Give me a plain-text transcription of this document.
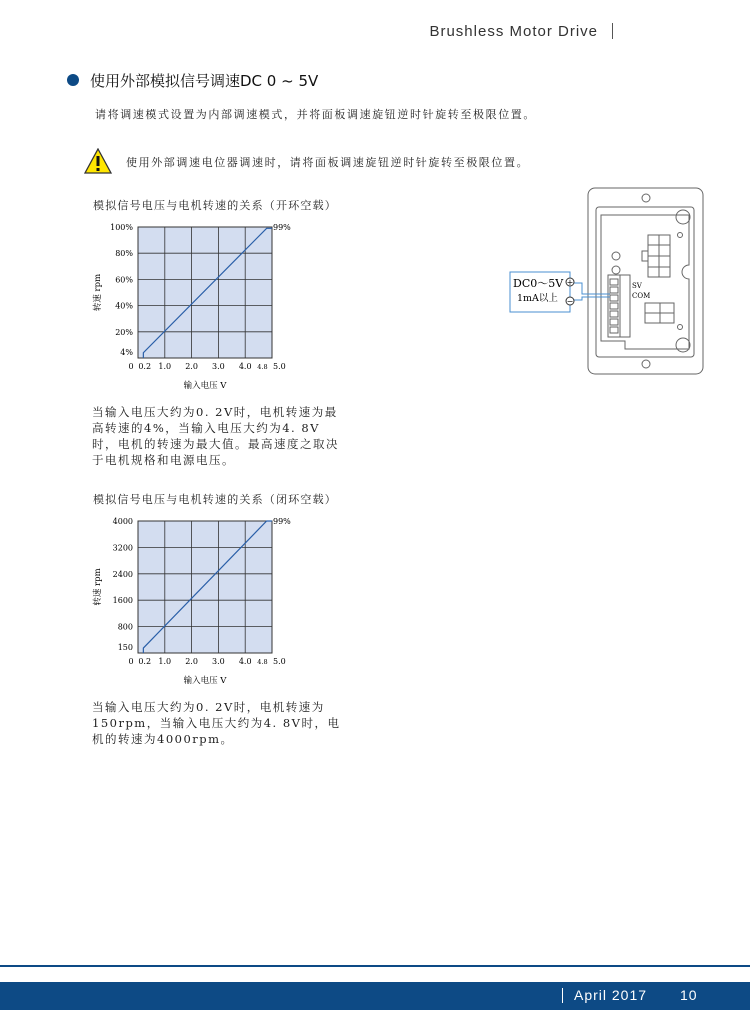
Brushless Motor Drive
使用外部模拟信号调速DC 0 ~ 5V
请将调速模式设置为内部调速模式，并将面板调速旋钮逆时针旋转至极限位置。
使用外部调速电位器调速时，请将面板调速旋钮逆时针旋转至极限位置。
模拟信号电压与电机转速的关系（开环空载）
100%
80%
60%
40%
20%
4%
0 0.2 1.0 2.0 3.0 4.0 4.8 5.0
99%
输入电压 V
转速 rpm
当输入电压大约为0. 2V时，电机转速为最高转速的4%，当输入电压大约为4. 8V时，电机的转速为最大值。最高速度之取决于电机规格和电源电压。
模拟信号电压与电机转速的关系（闭环空载）
4000
3200
2400
1600
800
150
0 0.2 1.0 2.0 3.0 4.0 4.8 5.0
99%
输入电压 V
转速 rpm
当输入电压大约为0. 2V时，电机转速为150rpm，当输入电压大约为4. 8V时，电机的转速为4000rpm。
+
−
DC0～5V
1mA以上
SV
COM
April 2017 10
